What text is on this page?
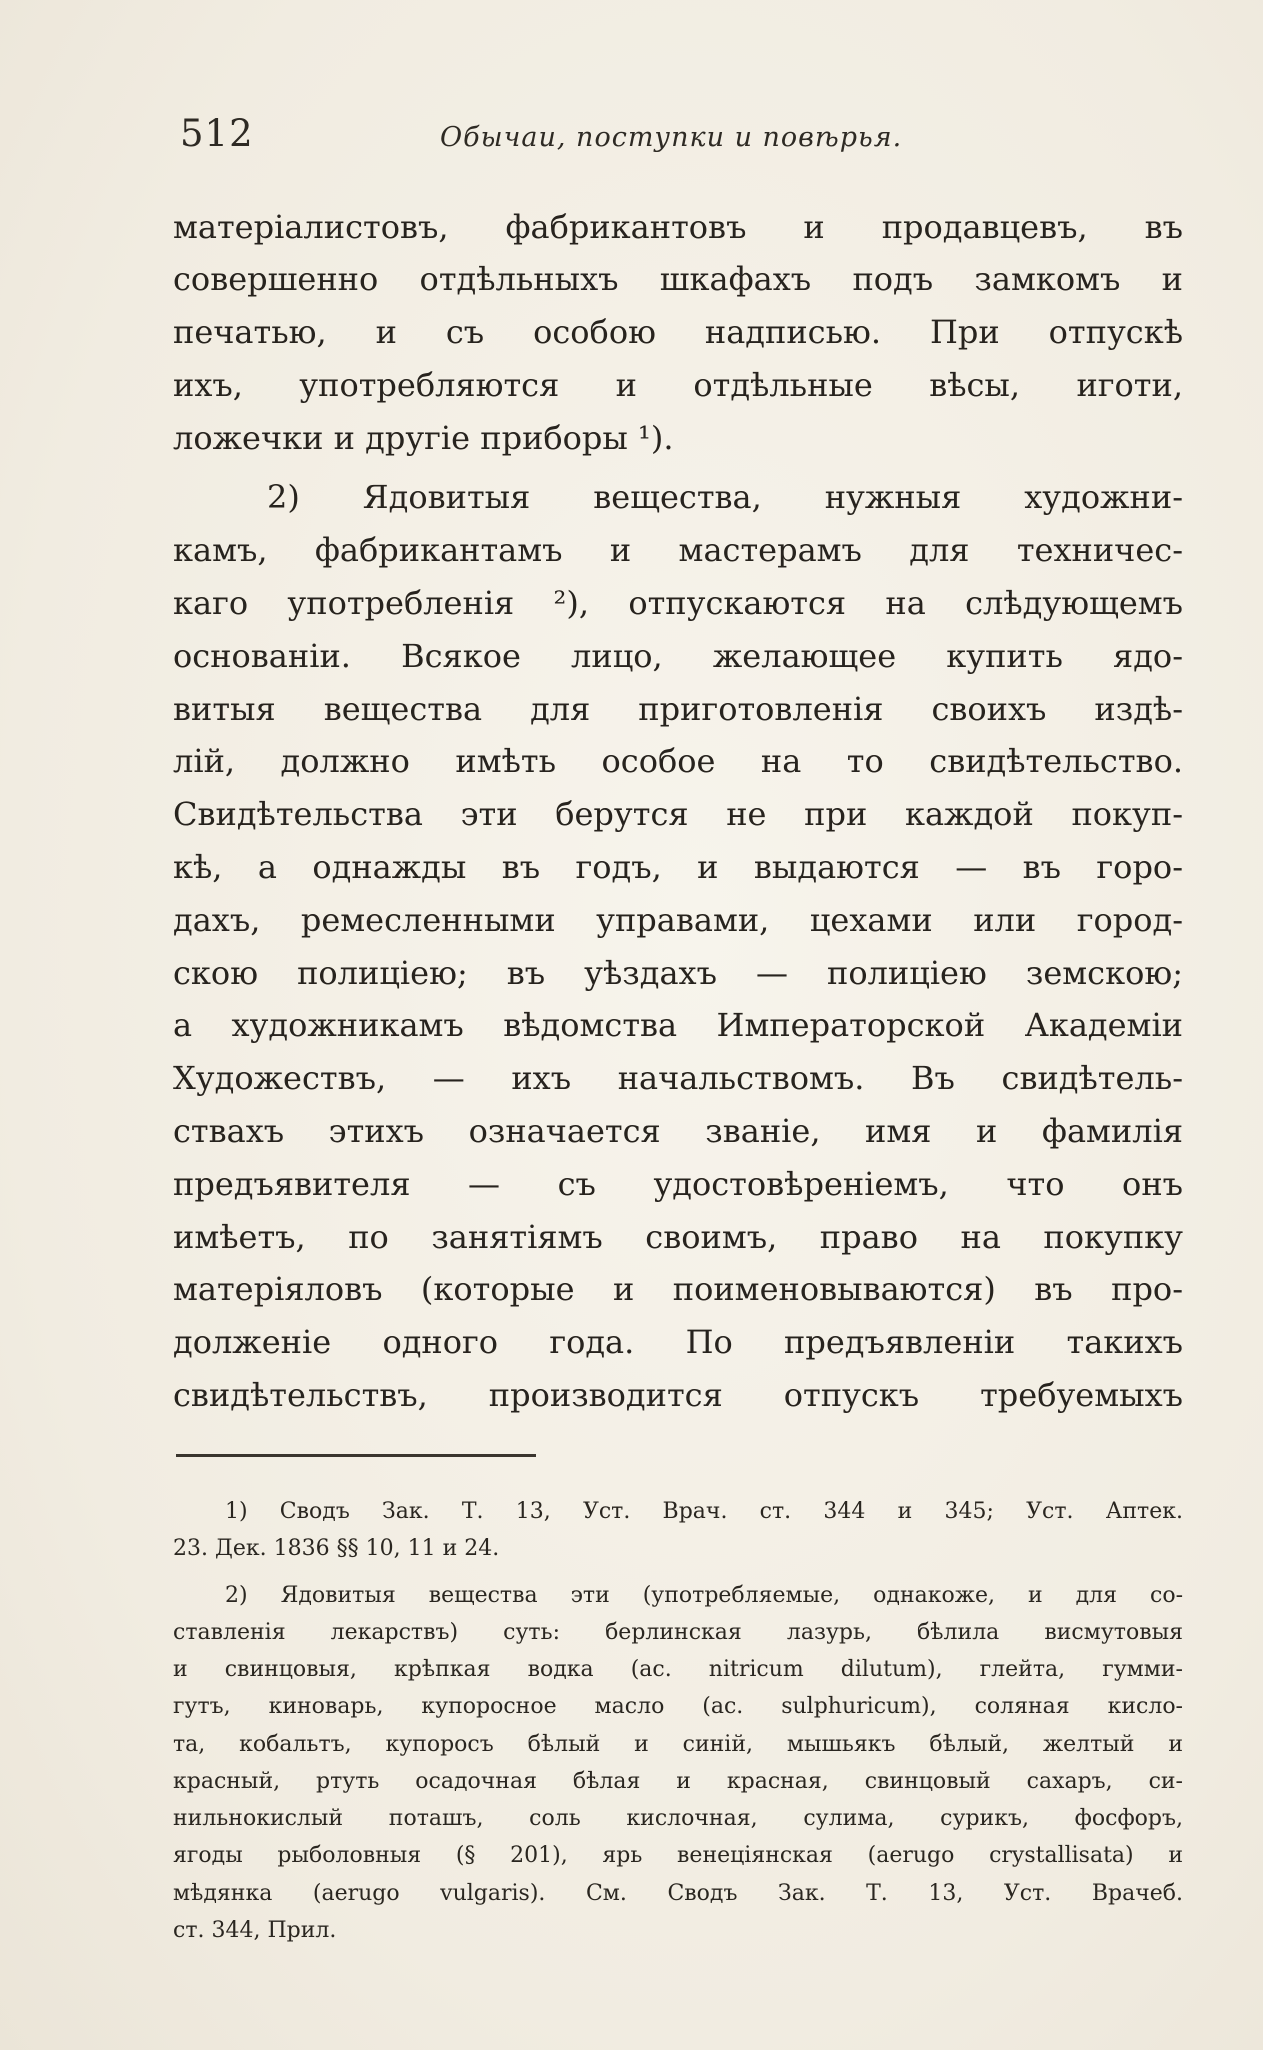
512	Обычаи, поступки и повѣрья.
матеріалистовъ, фабрикантовъ и продавцевъ, въ
совершенно отдѣльныхъ шкафахъ подъ замкомъ и
печатью, и съ особою надписью. При отпускѣ
ихъ, употребляются и отдѣльные вѣсы, иготи,
ложечки и другіе приборы ¹).
2) Ядовитыя вещества, нужныя художни-
камъ, фабрикантамъ и мастерамъ для техничес-
каго употребленія ²), отпускаются на слѣдующемъ
основаніи. Всякое лицо, желающее купить ядо-
витыя вещества для приготовленія своихъ издѣ-
лій, должно имѣть особое на то свидѣтельство.
Свидѣтельства эти берутся не при каждой покуп-
кѣ, а однажды въ годъ, и выдаются — въ горо-
дахъ, ремесленными управами, цехами или город-
скою полиціею; въ уѣздахъ — полиціею земскою;
а художникамъ вѣдомства Императорской Академіи
Художествъ, — ихъ начальствомъ. Въ свидѣтель-
ствахъ этихъ означается званіе, имя и фамилія
предъявителя — съ удостовѣреніемъ, что онъ
имѣетъ, по занятіямъ своимъ, право на покупку
матеріяловъ (которые и поименовываются) въ про-
долженіе одного года. По предъявленіи такихъ
свидѣтельствъ, производится отпускъ требуемыхъ
1) Сводъ Зак. Т. 13, Уст. Врач. ст. 344 и 345; Уст. Аптек.
23. Дек. 1836 §§ 10, 11 и 24.
2) Ядовитыя вещества эти (употребляемые, однакоже, и для со-
ставленія лекарствъ) суть: берлинская лазурь, бѣлила висмутовыя
и свинцовыя, крѣпкая водка (ac. nitricum dilutum), глейта, гумми-
гутъ, киноварь, купоросное масло (ac. sulphuricum), соляная кисло-
та, кобальтъ, купоросъ бѣлый и синій, мышьякъ бѣлый, желтый и
красный, ртуть осадочная бѣлая и красная, свинцовый сахаръ, си-
нильнокислый поташъ, соль кислочная, сулима, сурикъ, фосфоръ,
ягоды рыболовныя (§ 201), ярь венеціянская (aerugo crystallisata) и
мѣдянка (aerugo vulgaris). См. Сводъ Зак. Т. 13, Уст. Врачеб.
ст. 344, Прил.
